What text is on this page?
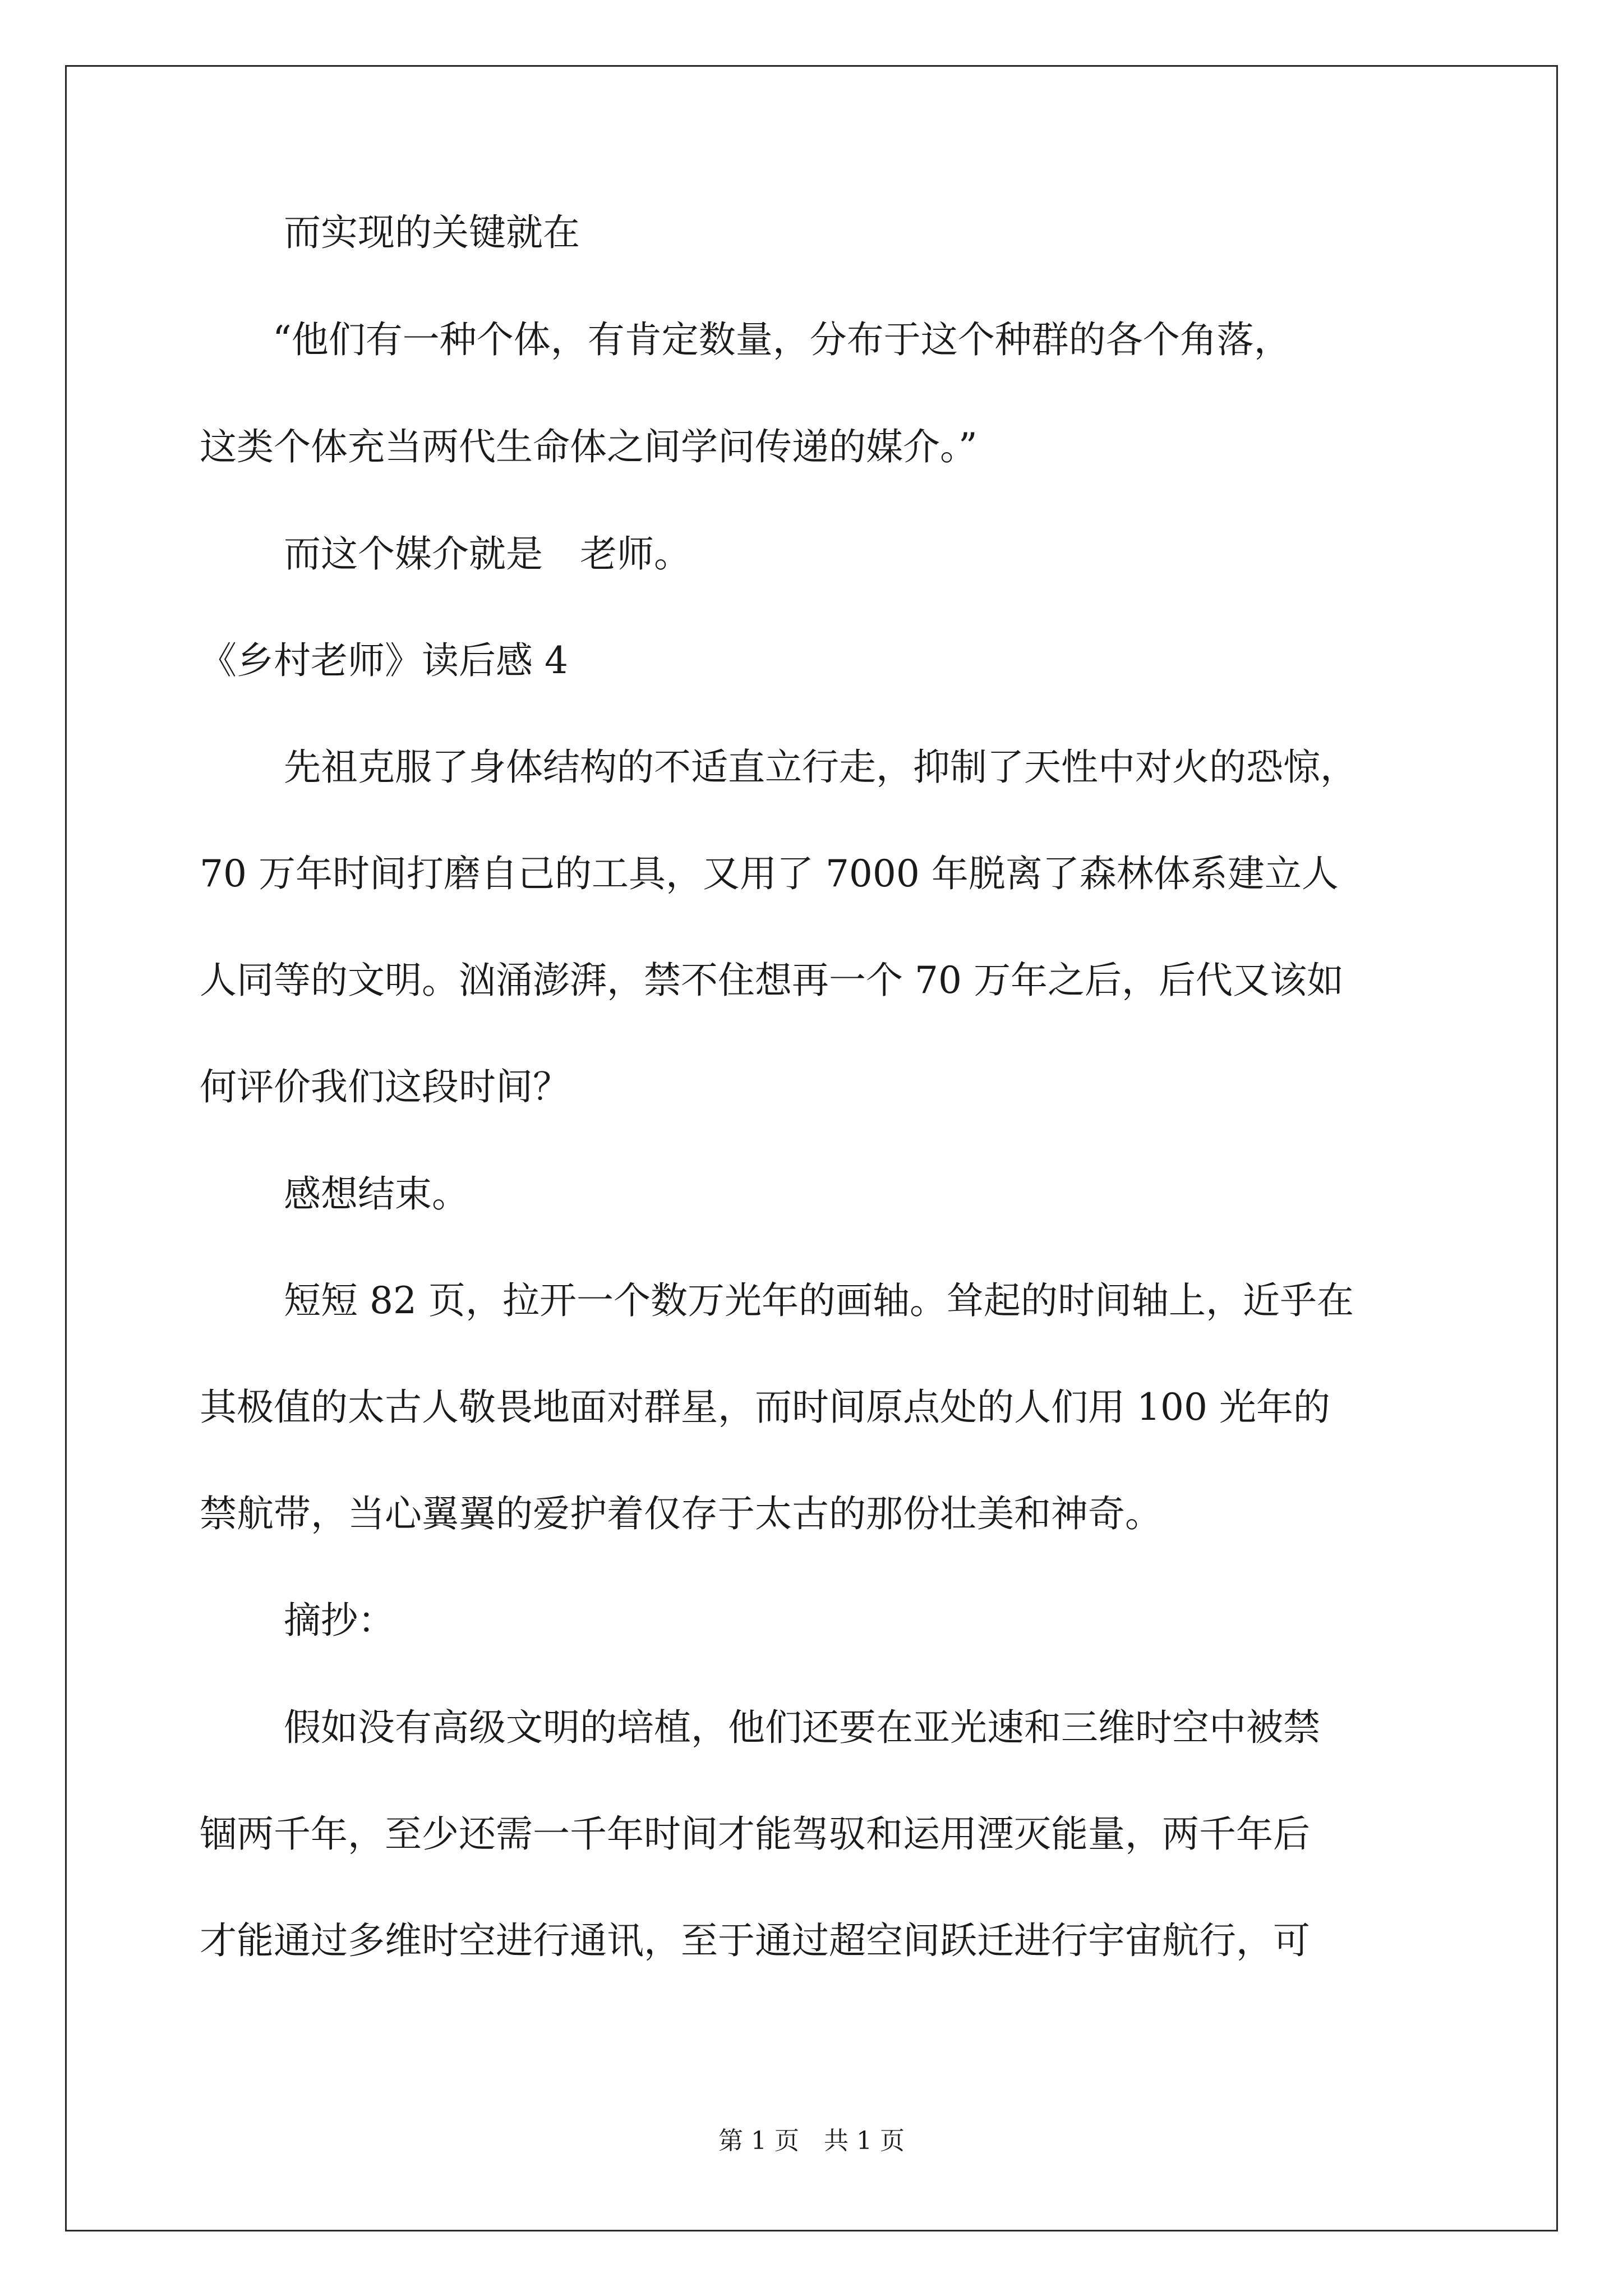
而实现的关键就在

“他们有一种个体，有肯定数量，分布于这个种群的各个角落，

这类个体充当两代生命体之间学问传递的媒介。”

而这个媒介就是　老师。

《乡村老师》读后感 4

先祖克服了身体结构的不适直立行走，抑制了天性中对火的恐惊，

70 万年时间打磨自己的工具，又用了 7000 年脱离了森林体系建立人

人同等的文明。汹涌澎湃，禁不住想再一个 70 万年之后，后代又该如

何评价我们这段时间？

感想结束。

短短 82 页，拉开一个数万光年的画轴。耸起的时间轴上，近乎在

其极值的太古人敬畏地面对群星，而时间原点处的人们用 100 光年的

禁航带，当心翼翼的爱护着仅存于太古的那份壮美和神奇。

摘抄：

假如没有高级文明的培植，他们还要在亚光速和三维时空中被禁

锢两千年，至少还需一千年时间才能驾驭和运用湮灭能量，两千年后

才能通过多维时空进行通讯，至于通过超空间跃迁进行宇宙航行，可

第 1 页　共 1 页
